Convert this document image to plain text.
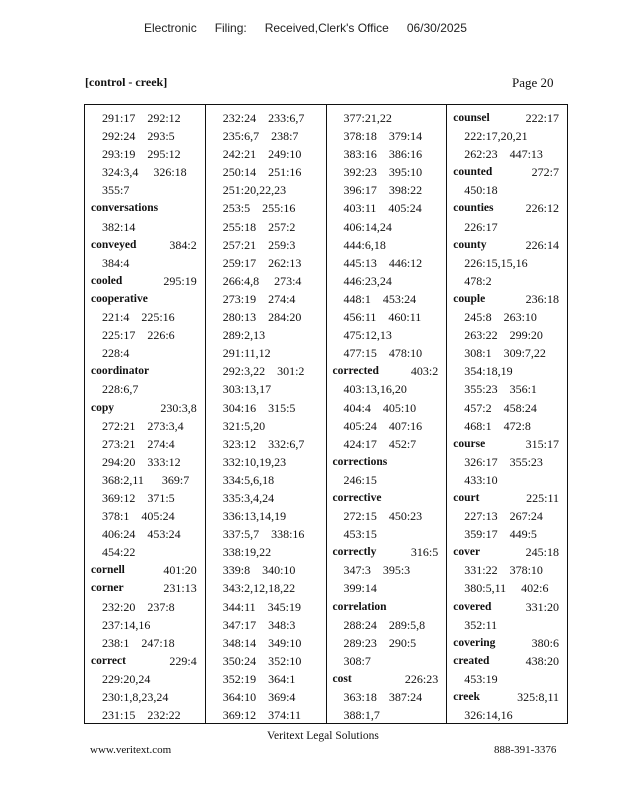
Electronic Filing: Received,Clerk's Office 06/30/2025
[control - creek]	Page 20
291:17    292:12
292:24    293:5
293:19    295:12
324:3,4     326:18
355:7
conversations
382:14
conveyed	384:2
384:4
cooled	295:19
cooperative
221:4    225:16
225:17    226:6
228:4
coordinator
228:6,7
copy	230:3,8
272:21    273:3,4
273:21    274:4
294:20    333:12
368:2,11      369:7
369:12    371:5
378:1    405:24
406:24    453:24
454:22
cornell	401:20
corner	231:13
232:20    237:8
237:14,16
238:1    247:18
correct	229:4
229:20,24
230:1,8,23,24
231:15    232:22
232:24    233:6,7
235:6,7    238:7
242:21    249:10
250:14    251:16
251:20,22,23
253:5    255:16
255:18    257:2
257:21    259:3
259:17    262:13
266:4,8     273:4
273:19    274:4
280:13    284:20
289:2,13
291:11,12
292:3,22    301:2
303:13,17
304:16    315:5
321:5,20
323:12    332:6,7
332:10,19,23
334:5,6,18
335:3,4,24
336:13,14,19
337:5,7    338:16
338:19,22
339:8    340:10
343:2,12,18,22
344:11    345:19
347:17    348:3
348:14    349:10
350:24    352:10
352:19    364:1
364:10    369:4
369:12    374:11
377:21,22
378:18    379:14
383:16    386:16
392:23    395:10
396:17    398:22
403:11    405:24
406:14,24
444:6,18
445:13    446:12
446:23,24
448:1    453:24
456:11    460:11
475:12,13
477:15    478:10
corrected	403:2
403:13,16,20
404:4    405:10
405:24    407:16
424:17    452:7
corrections
246:15
corrective
272:15    450:23
453:15
correctly	316:5
347:3    395:3
399:14
correlation
288:24    289:5,8
289:23    290:5
308:7
cost	226:23
363:18    387:24
388:1,7
counsel	222:17
222:17,20,21
262:23    447:13
counted	272:7
450:18
counties	226:12
226:17
county	226:14
226:15,15,16
478:2
couple	236:18
245:8    263:10
263:22    299:20
308:1    309:7,22
354:18,19
355:23    356:1
457:2    458:24
468:1    472:8
course	315:17
326:17    355:23
433:10
court	225:11
227:13    267:24
359:17    449:5
cover	245:18
331:22    378:10
380:5,11     402:6
covered	331:20
352:11
covering	380:6
created	438:20
453:19
creek	325:8,11
326:14,16
Veritext Legal Solutions
www.veritext.com	888-391-3376
